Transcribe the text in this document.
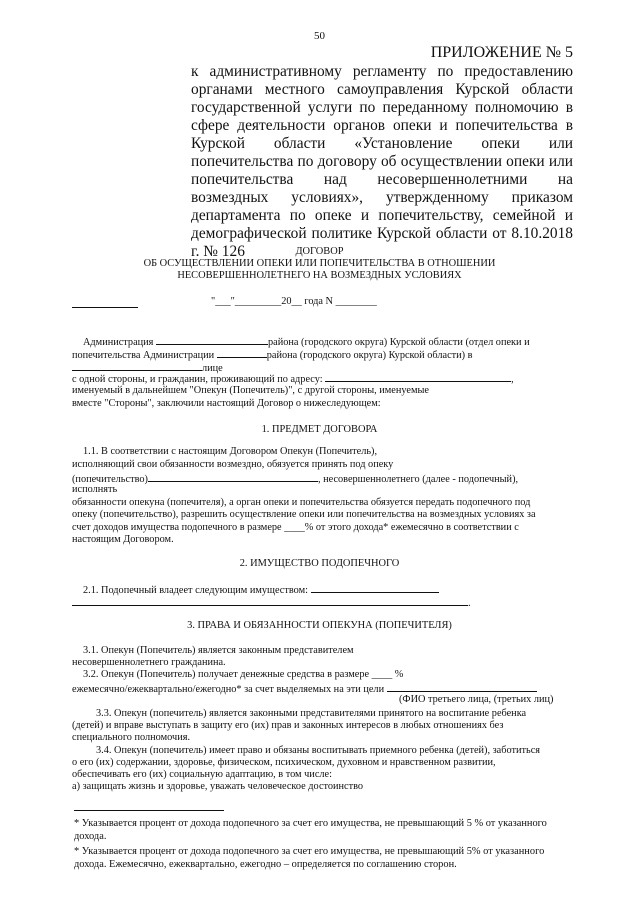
50
ПРИЛОЖЕНИЕ № 5
к административному регламенту по предоставлению органами местного самоуправления Курской области государственной услуги по переданному полномочию в сфере деятельности органов опеки и попечительства в Курской области «Установление опеки или попечительства по договору об осуществлении опеки или попечительства над несовершеннолетними на возмездных условиях», утвержденному приказом департамента по опеке и попечительству, семейной и демографической политике Курской области от 8.10.2018 г. № 126	ДОГОВОР
ОБ ОСУЩЕСТВЛЕНИИ ОПЕКИ ИЛИ ПОПЕЧИТЕЛЬСТВА В ОТНОШЕНИИ
НЕСОВЕРШЕННОЛЕТНЕГО НА ВОЗМЕЗДНЫХ УСЛОВИЯХ
"___"_________20__ года N ________
Администрация	района (городского округа) Курской области (отдел опеки и
попечительства Администрации	района (городского округа) Курской области) в
лице
с одной стороны, и гражданин, проживающий по адресу:	,
именуемый в дальнейшем "Опекун (Попечитель)", с другой стороны, именуемые
вместе "Стороны", заключили настоящий Договор о нижеследующем:
1. ПРЕДМЕТ ДОГОВОРА
1.1. В соответствии с настоящим Договором Опекун (Попечитель),
исполняющий свои обязанности возмездно, обязуется принять под опеку
(попечительство)	, несовершеннолетнего (далее - подопечный),
исполнять
обязанности опекуна (попечителя), а орган опеки и попечительства обязуется передать подопечного под
опеку (попечительство), разрешить осуществление опеки или попечительства на возмездных условиях за
счет доходов имущества подопечного в размере ____% от этого дохода* ежемесячно в соответствии с
настоящим Договором.
2. ИМУЩЕСТВО ПОДОПЕЧНОГО
2.1. Подопечный владеет следующим имуществом:
.
3. ПРАВА И ОБЯЗАННОСТИ ОПЕКУНА (ПОПЕЧИТЕЛЯ)
3.1. Опекун (Попечитель) является законным представителем
несовершеннолетнего гражданина.
3.2. Опекун (Попечитель) получает денежные средства в размере ____ %
ежемесячно/ежеквартально/ежегодно* за счет выделяемых на эти цели
(ФИО третьего лица, (третьих лиц)
3.3. Опекун (попечитель) является законными представителями принятого на воспитание ребенка
(детей) и вправе выступать в защиту его (их) прав и законных интересов в любых отношениях без
специального полномочия.
3.4. Опекун (попечитель) имеет право и обязаны воспитывать приемного ребенка (детей), заботиться
о его (их) содержании, здоровье, физическом, психическом, духовном и нравственном развитии,
обеспечивать его (их) социальную адаптацию, в том числе:
а) защищать жизнь и здоровье, уважать человеческое достоинство
* Указывается процент от дохода подопечного за счет его имущества, не превышающий 5 % от указанного
дохода.
* Указывается процент от дохода подопечного за счет его имущества, не превышающий 5% от указанного
дохода. Ежемесячно, ежеквартально, ежегодно – определяется по соглашению сторон.
